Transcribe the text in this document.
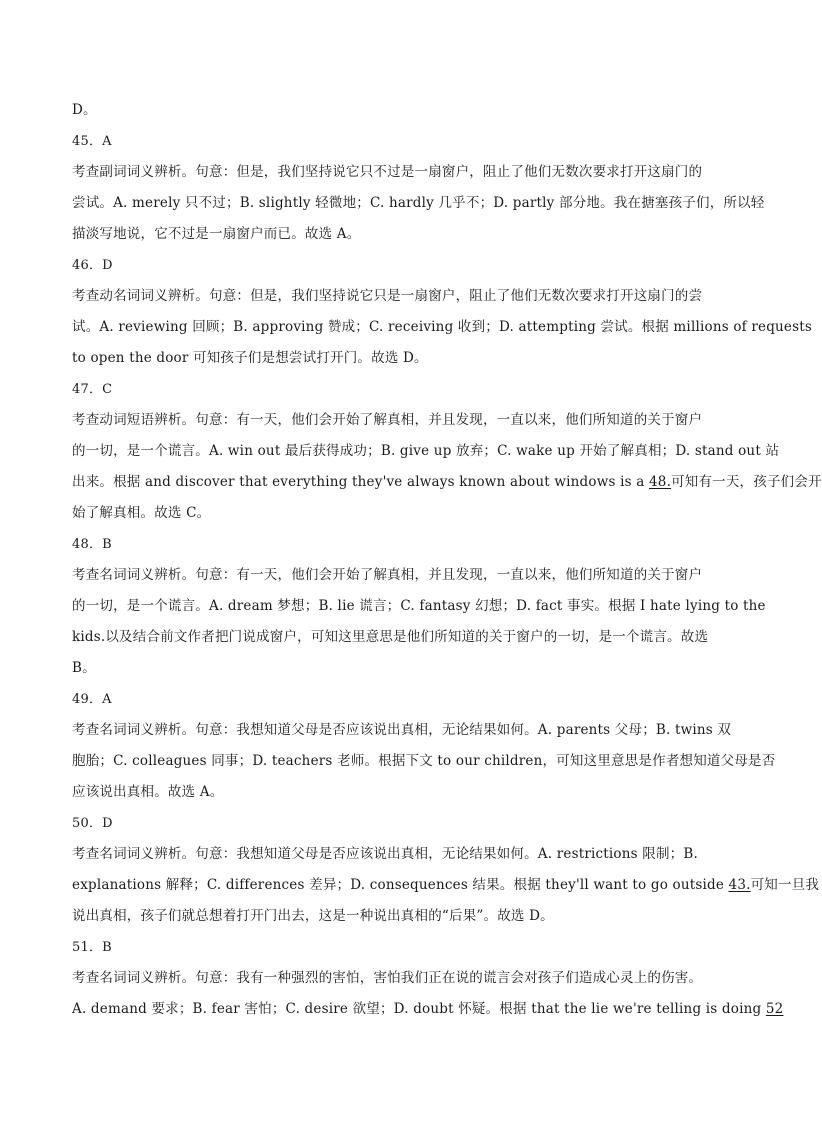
D。
45．A
考查副词词义辨析。句意：但是，我们坚持说它只不过是一扇窗户，阻止了他们无数次要求打开这扇门的
尝试。A. merely 只不过；B. slightly 轻微地；C. hardly 几乎不；D. partly 部分地。我在搪塞孩子们，所以轻
描淡写地说，它不过是一扇窗户而已。故选 A。
46．D
考查动名词词义辨析。句意：但是，我们坚持说它只是一扇窗户，阻止了他们无数次要求打开这扇门的尝
试。A. reviewing 回顾；B. approving 赞成；C. receiving 收到；D. attempting 尝试。根据 millions of requests
to open the door 可知孩子们是想尝试打开门。故选 D。
47．C
考查动词短语辨析。句意：有一天，他们会开始了解真相，并且发现，一直以来，他们所知道的关于窗户
的一切，是一个谎言。A. win out 最后获得成功；B. give up 放弃；C. wake up 开始了解真相；D. stand out 站
出来。根据 and discover that everything they've always known about windows is a 48.可知有一天，孩子们会开
始了解真相。故选 C。
48．B
考查名词词义辨析。句意：有一天，他们会开始了解真相，并且发现，一直以来，他们所知道的关于窗户
的一切，是一个谎言。A. dream 梦想；B. lie 谎言；C. fantasy 幻想；D. fact 事实。根据 I hate lying to the
kids.以及结合前文作者把门说成窗户，可知这里意思是他们所知道的关于窗户的一切，是一个谎言。故选
B。
49．A
考查名词词义辨析。句意：我想知道父母是否应该说出真相，无论结果如何。A. parents 父母；B. twins 双
胞胎；C. colleagues 同事；D. teachers 老师。根据下文 to our children，可知这里意思是作者想知道父母是否
应该说出真相。故选 A。
50．D
考查名词词义辨析。句意：我想知道父母是否应该说出真相，无论结果如何。A. restrictions 限制；B.
explanations 解释；C. differences 差异；D. consequences 结果。根据 they'll want to go outside 43.可知一旦我
说出真相，孩子们就总想着打开门出去，这是一种说出真相的“后果”。故选 D。
51．B
考查名词词义辨析。句意：我有一种强烈的害怕，害怕我们正在说的谎言会对孩子们造成心灵上的伤害。
A. demand 要求；B. fear 害怕；C. desire 欲望；D. doubt 怀疑。根据 that the lie we're telling is doing 52
